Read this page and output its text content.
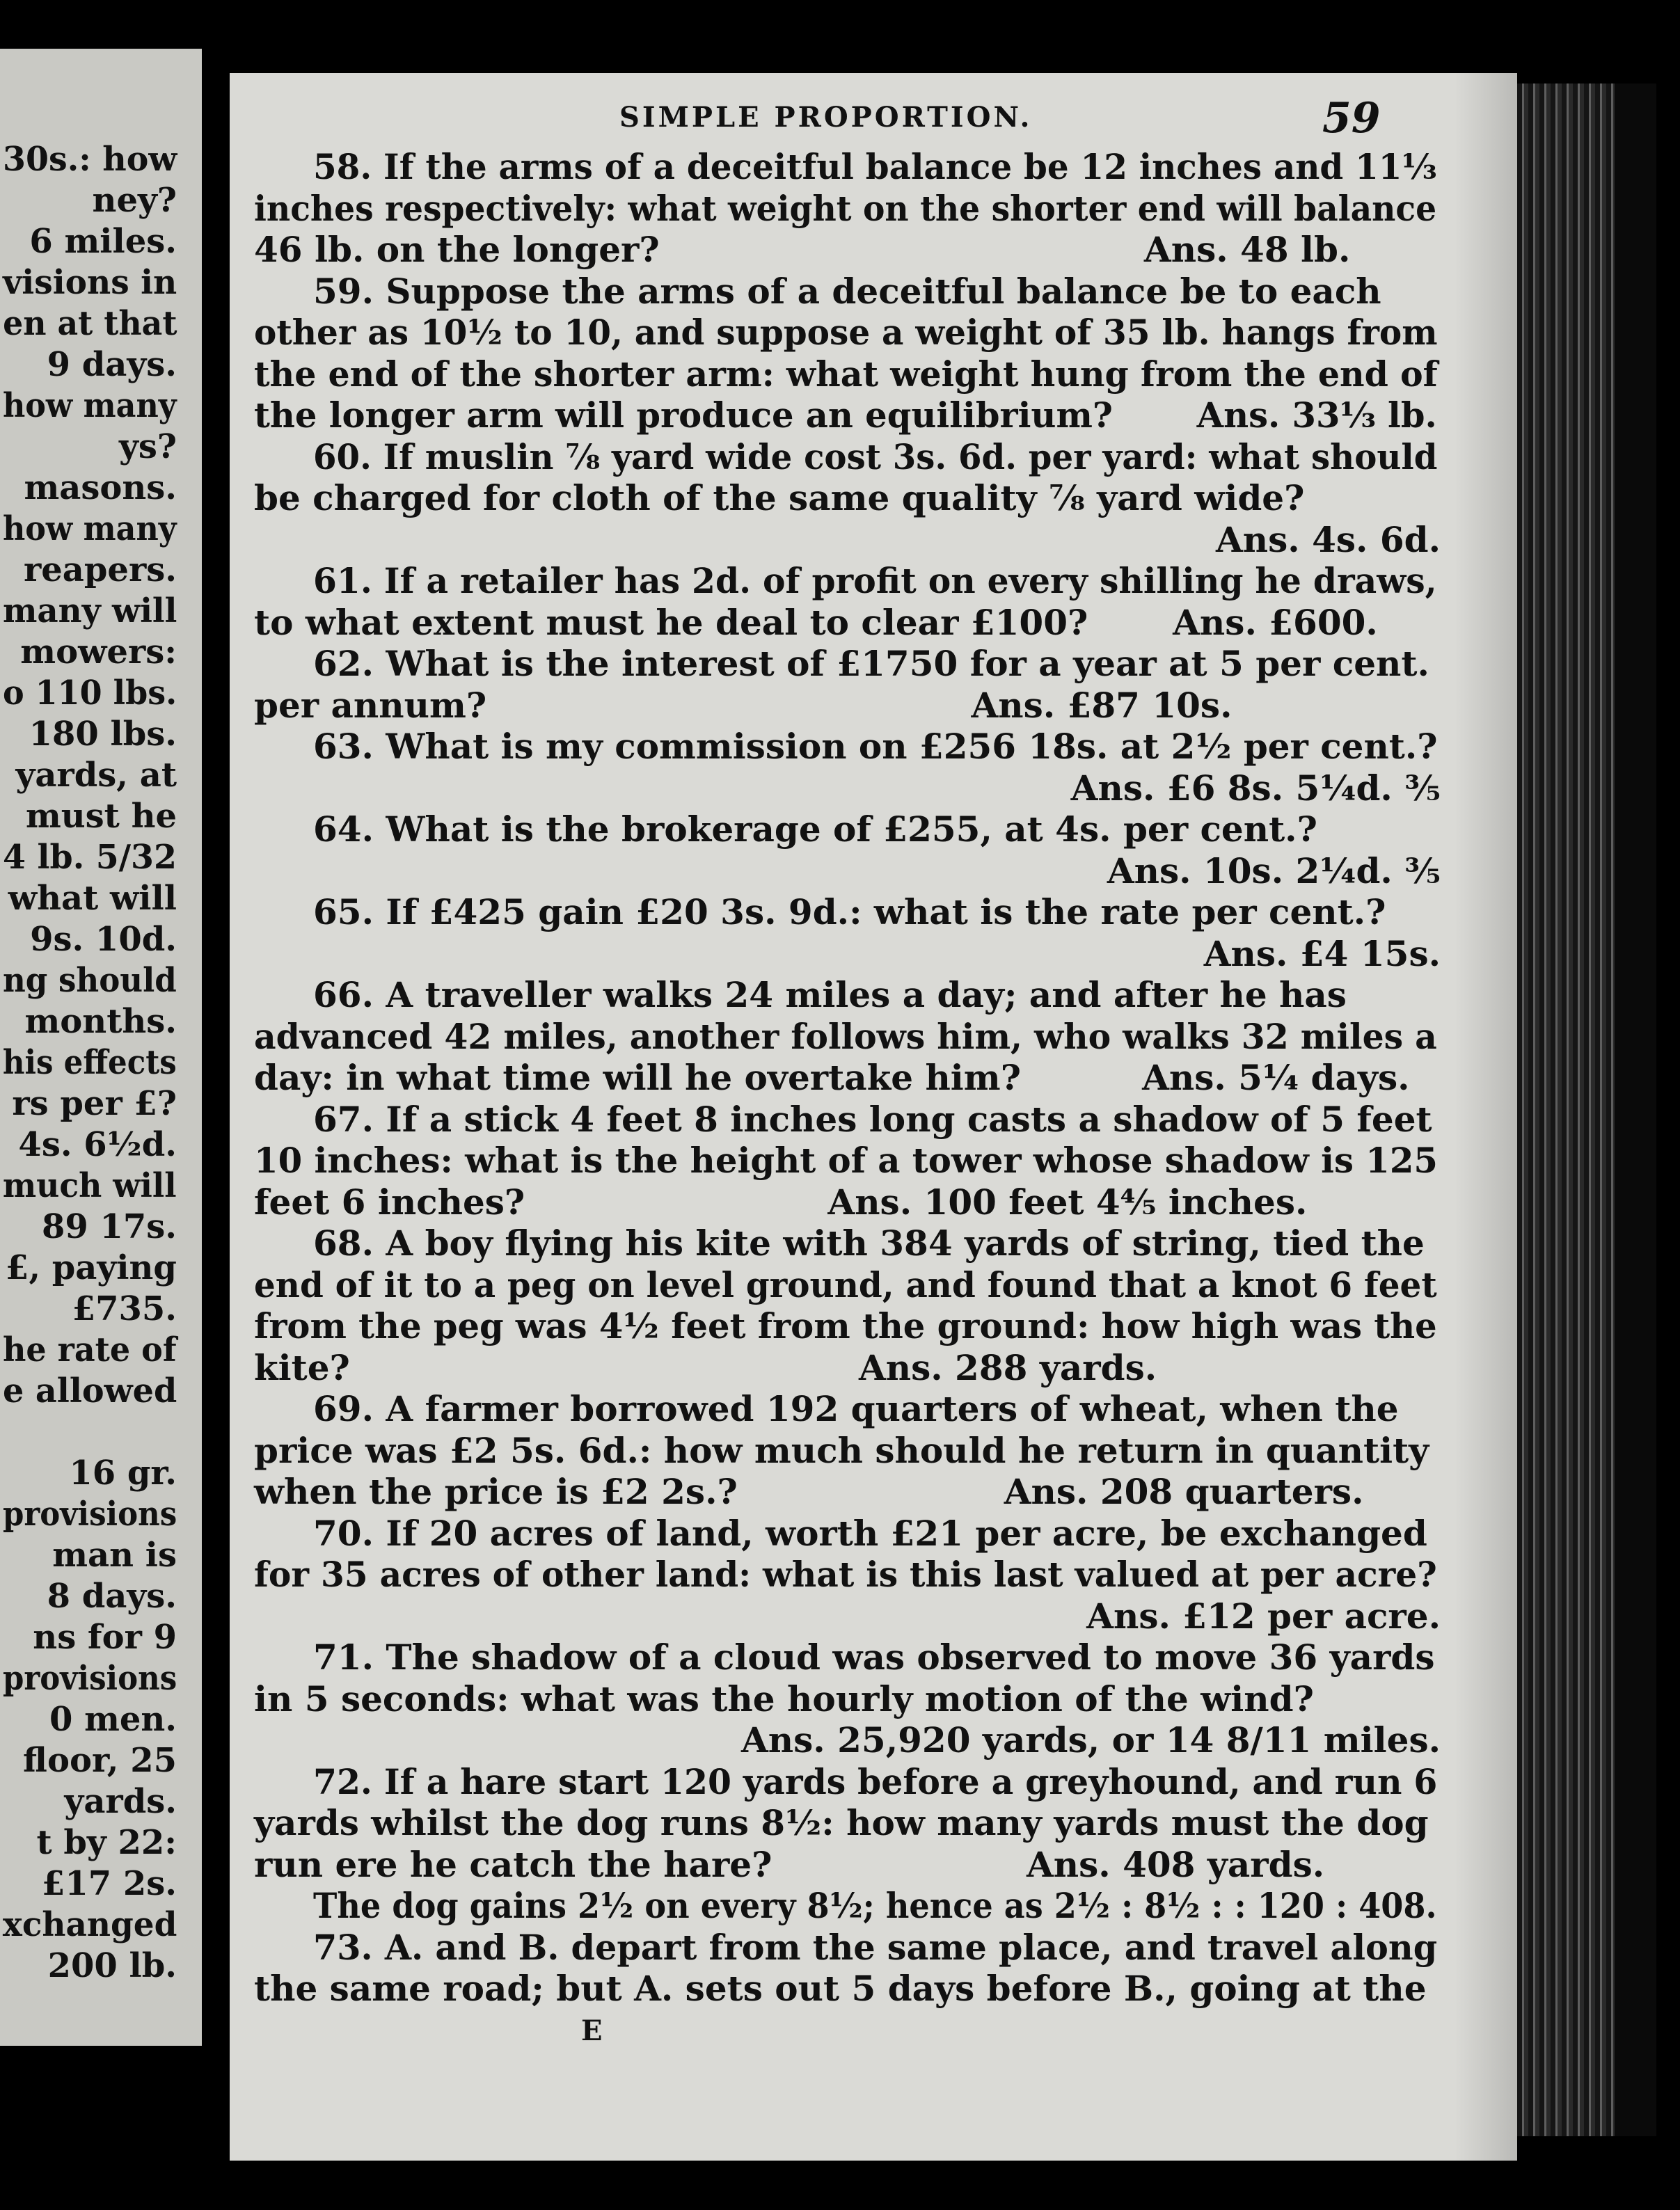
30s.: how
ney?
6 miles.
visions in
en at that
9 days.
how many
ys?
masons.
how many
reapers.
many will
mowers:
o 110 lbs.
180 lbs.
yards, at
must he
4 lb. 5/32
what will
9s. 10d.
ng should
months.
his effects
rs per £?
4s. 6½d.
much will
89 17s.
£, paying
£735.
he rate of
e allowed
16 gr.
provisions
man is
8 days.
ns for 9
provisions
0 men.
floor, 25
yards.
t by 22:
£17 2s.
xchanged
200 lb.
SIMPLE PROPORTION.	59
E
58. If the arms of a deceitful balance be 12 inches and 11⅓
inches respectively: what weight on the shorter end will balance
46 lb. on the longer?                                        Ans. 48 lb.
59. Suppose the arms of a deceitful balance be to each
other as 10½ to 10, and suppose a weight of 35 lb. hangs from
the end of the shorter arm: what weight hung from the end of
the longer arm will produce an equilibrium?       Ans. 33⅓ lb.
60. If muslin ⅞ yard wide cost 3s. 6d. per yard: what should
be charged for cloth of the same quality ⅞ yard wide?
Ans. 4s. 6d.
61. If a retailer has 2d. of profit on every shilling he draws,
to what extent must he deal to clear £100?       Ans. £600.
62. What is the interest of £1750 for a year at 5 per cent.
per annum?                                        Ans. £87 10s.
63. What is my commission on £256 18s. at 2½ per cent.?
Ans. £6 8s. 5¼d. ⅗
64. What is the brokerage of £255, at 4s. per cent.?
Ans. 10s. 2¼d. ⅗
65. If £425 gain £20 3s. 9d.: what is the rate per cent.?
Ans. £4 15s.
66. A traveller walks 24 miles a day; and after he has
advanced 42 miles, another follows him, who walks 32 miles a
day: in what time will he overtake him?          Ans. 5¼ days.
67. If a stick 4 feet 8 inches long casts a shadow of 5 feet
10 inches: what is the height of a tower whose shadow is 125
feet 6 inches?                         Ans. 100 feet 4⅘ inches.
68. A boy flying his kite with 384 yards of string, tied the
end of it to a peg on level ground, and found that a knot 6 feet
from the peg was 4½ feet from the ground: how high was the
kite?                                          Ans. 288 yards.
69. A farmer borrowed 192 quarters of wheat, when the
price was £2 5s. 6d.: how much should he return in quantity
when the price is £2 2s.?                      Ans. 208 quarters.
70. If 20 acres of land, worth £21 per acre, be exchanged
for 35 acres of other land: what is this last valued at per acre?
Ans. £12 per acre.
71. The shadow of a cloud was observed to move 36 yards
in 5 seconds: what was the hourly motion of the wind?
Ans. 25,920 yards, or 14 8/11 miles.
72. If a hare start 120 yards before a greyhound, and run 6
yards whilst the dog runs 8½: how many yards must the dog
run ere he catch the hare?                     Ans. 408 yards.
The dog gains 2½ on every 8½; hence as 2½ : 8½ : : 120 : 408.
73. A. and B. depart from the same place, and travel along
the same road; but A. sets out 5 days before B., going at the
